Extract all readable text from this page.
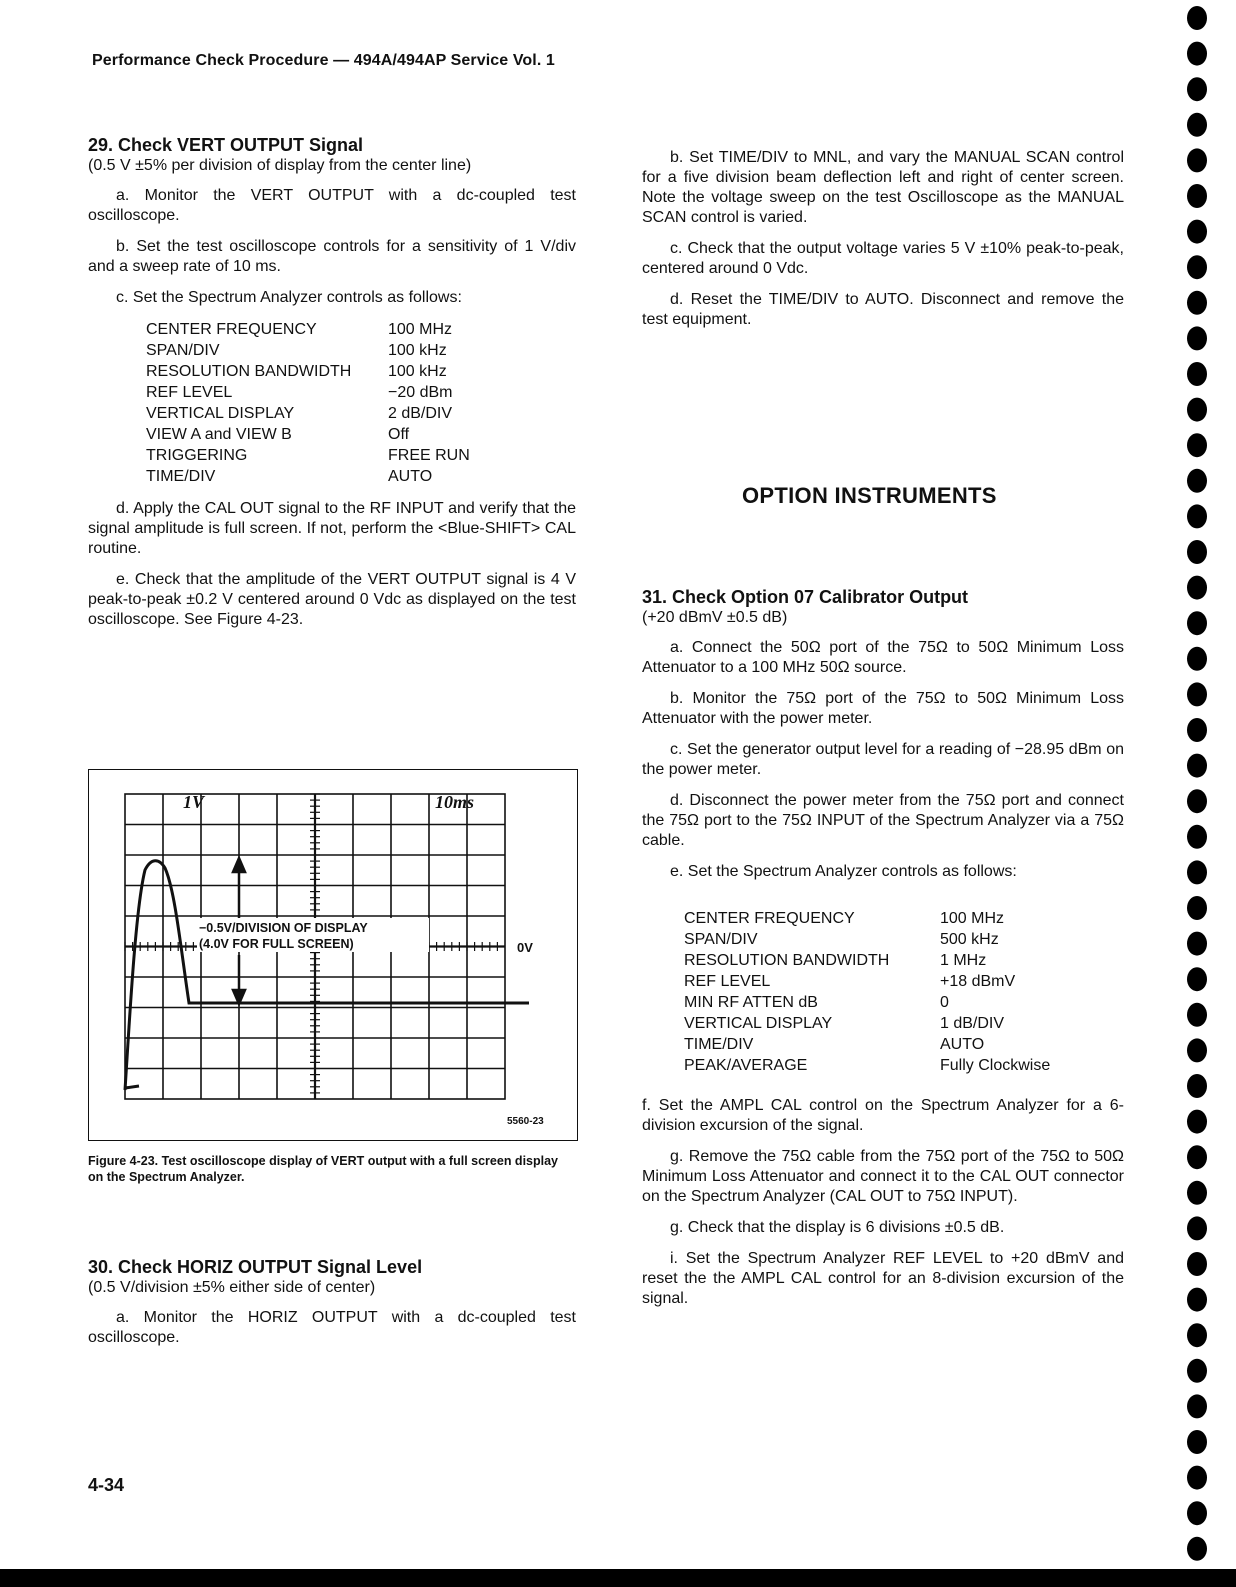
Performance Check Procedure — 494A/494AP Service Vol. 1
29. Check VERT OUTPUT Signal

(0.5 V ±5% per division of display from the center line)

a. Monitor the VERT OUTPUT with a dc-coupled test oscilloscope.

b. Set the test oscilloscope controls for a sensitivity of 1 V/div and a sweep rate of 10 ms.

c. Set the Spectrum Analyzer controls as follows:

CENTER FREQUENCY	100 MHz
SPAN/DIV	100 kHz
RESOLUTION BANDWIDTH	100 kHz
REF LEVEL	−20 dBm
VERTICAL DISPLAY	2 dB/DIV
VIEW A and VIEW B	Off
TRIGGERING	FREE RUN
TIME/DIV	AUTO

d. Apply the CAL OUT signal to the RF INPUT and verify that the signal amplitude is full screen. If not, perform the <Blue-SHIFT> CAL routine.

e. Check that the amplitude of the VERT OUTPUT signal is 4 V peak-to-peak ±0.2 V centered around 0 Vdc as displayed on the test oscilloscope. See Figure 4-23.

−0.5V/DIVISION OF DISPLAY
(4.0V FOR FULL SCREEN)	0V
1V	10ms
5560-23
Figure 4-23. Test oscilloscope display of VERT output with a full screen display on the Spectrum Analyzer.
30. Check HORIZ OUTPUT Signal Level

(0.5 V/division ±5% either side of center)

a. Monitor the HORIZ OUTPUT with a dc-coupled test oscilloscope.

4-34

b. Set TIME/DIV to MNL, and vary the MANUAL SCAN control for a five division beam deflection left and right of center screen. Note the voltage sweep on the test Oscilloscope as the MANUAL SCAN control is varied.

c. Check that the output voltage varies 5 V ±10% peak-to-peak, centered around 0 Vdc.

d. Reset the TIME/DIV to AUTO. Disconnect and remove the test equipment.

OPTION INSTRUMENTS
31. Check Option 07 Calibrator Output

(+20 dBmV ±0.5 dB)

a. Connect the 50Ω port of the 75Ω to 50Ω Minimum Loss Attenuator to a 100 MHz 50Ω source.

b. Monitor the 75Ω port of the 75Ω to 50Ω Minimum Loss Attenuator with the power meter.

c. Set the generator output level for a reading of −28.95 dBm on the power meter.

d. Disconnect the power meter from the 75Ω port and connect the 75Ω port to the 75Ω INPUT of the Spectrum Analyzer via a 75Ω cable.

e. Set the Spectrum Analyzer controls as follows:

CENTER FREQUENCY	100 MHz
SPAN/DIV	500 kHz
RESOLUTION BANDWIDTH	1 MHz
REF LEVEL	+18 dBmV
MIN RF ATTEN dB	0
VERTICAL DISPLAY	1 dB/DIV
TIME/DIV	AUTO
PEAK/AVERAGE	Fully Clockwise

f. Set the AMPL CAL control on the Spectrum Analyzer for a 6-division excursion of the signal.

g. Remove the 75Ω cable from the 75Ω port of the 75Ω to 50Ω Minimum Loss Attenuator and connect it to the CAL OUT connector on the Spectrum Analyzer (CAL OUT to 75Ω INPUT).

g. Check that the display is 6 divisions ±0.5 dB.

i. Set the Spectrum Analyzer REF LEVEL to +20 dBmV and reset the the AMPL CAL control for an 8-division excursion of the signal.
